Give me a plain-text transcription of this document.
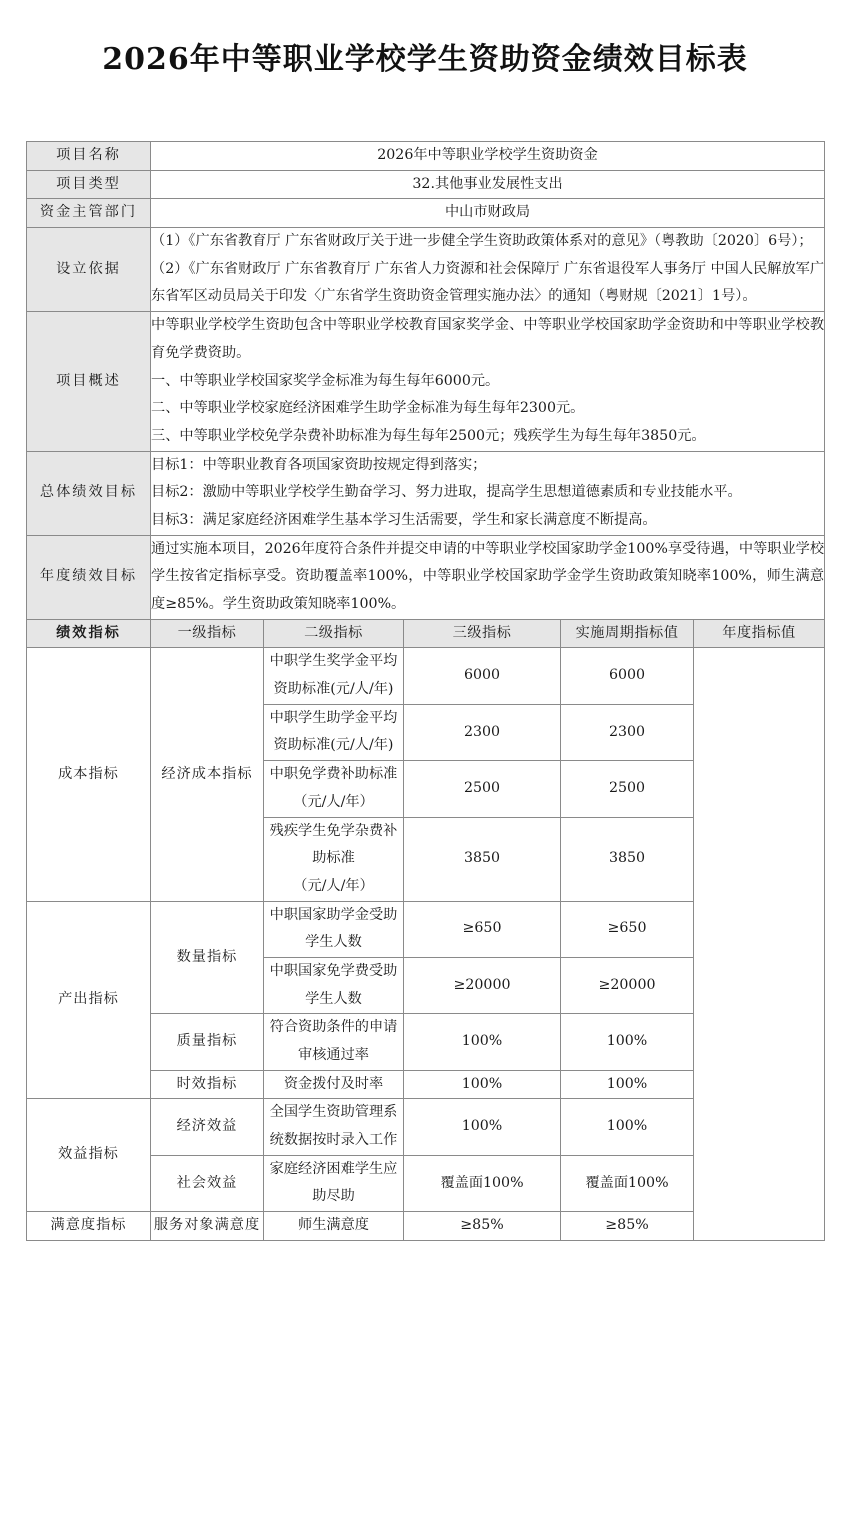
2026年中等职业学校学生资助资金绩效目标表
项目名称	2026年中等职业学校学生资助资金				
项目类型	32.其他事业发展性支出				
资金主管部门	中山市财政局				
设立依据	（1）《广东省教育厅 广东省财政厅关于进一步健全学生资助政策体系对的意见》（粤教助〔2020〕6号）；

（2）《广东省财政厅 广东省教育厅 广东省人力资源和社会保障厅 广东省退役军人事务厅 中国人民解放军广东省军区动员局关于印发〈广东省学生资助资金管理实施办法〉的通知（粤财规〔2021〕1号）。				

项目概述	中等职业学校学生资助包含中等职业学校教育国家奖学金、中等职业学校国家助学金资助和中等职业学校教育免学费资助。

一、中等职业学校国家奖学金标准为每生每年6000元。

二、中等职业学校家庭经济困难学生助学金标准为每生每年2300元。

三、中等职业学校免学杂费补助标准为每生每年2500元；残疾学生为每生每年3850元。				

总体绩效目标	目标1：中等职业教育各项国家资助按规定得到落实；

目标2：激励中等职业学校学生勤奋学习、努力进取，提高学生思想道德素质和专业技能水平。

目标3：满足家庭经济困难学生基本学习生活需要，学生和家长满意度不断提高。				

年度绩效目标	通过实施本项目，2026年度符合条件并提交申请的中等职业学校国家助学金100%享受待遇，中等职业学校学生按省定指标享受。资助覆盖率100%，中等职业学校国家助学金学生资助政策知晓率100%，师生满意度≥85%。学生资助政策知晓率100%。				

绩效指标	一级指标	二级指标	三级指标	实施周期指标值	年度指标值
成本指标	经济成本指标	中职学生奖学金平均
资助标准(元/人/年)	6000	6000	

		中职学生助学金平均
资助标准(元/人/年)	2300	2300	

		中职免学费补助标准
（元/人/年）	2500	2500	

		残疾学生免学杂费补
助标准
（元/人/年）	3850	3850	
产出指标	数量指标	中职国家助学金受助
学生人数	≥650	≥650	

		中职国家免学费受助
学生人数	≥20000	≥20000	
	质量指标	符合资助条件的申请
审核通过率	100%	100%	
	时效指标	资金拨付及时率	100%	100%	
效益指标	经济效益	全国学生资助管理系
统数据按时录入工作	100%	100%	
	社会效益	家庭经济困难学生应
助尽助	覆盖面100%	覆盖面100%	
满意度指标	服务对象满意度	师生满意度	≥85%	≥85%	
